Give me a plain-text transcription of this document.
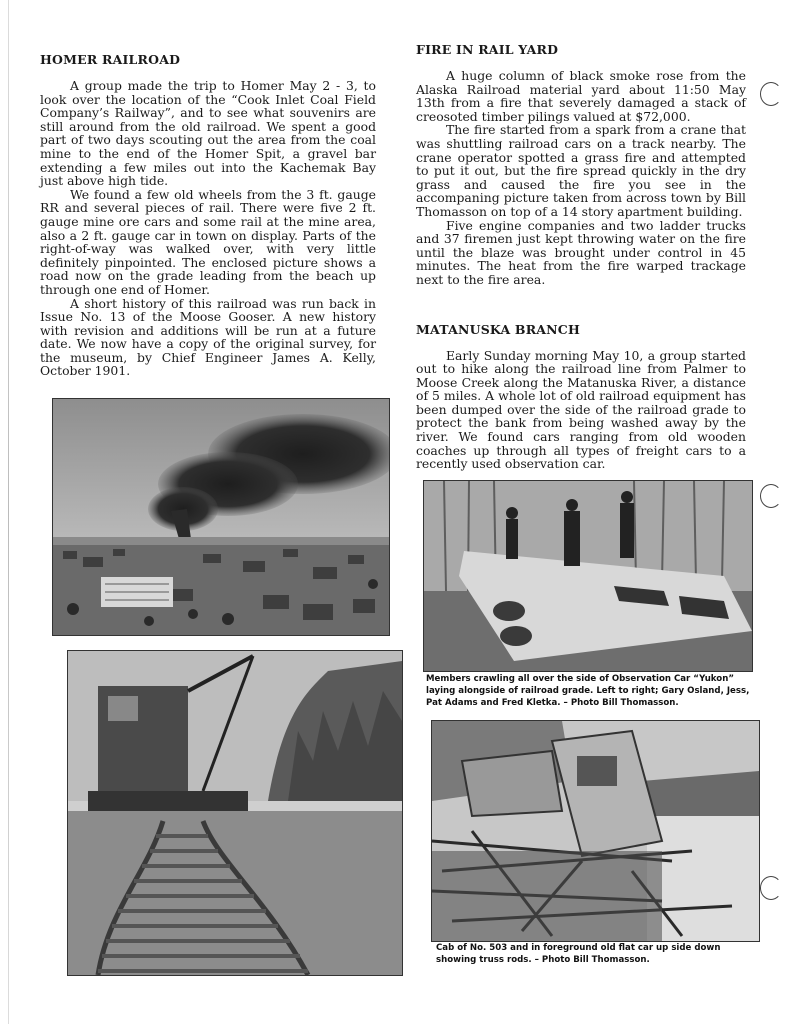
HOMER RAILROAD

A group made the trip to Homer May 2 - 3, to look over the location of the “Cook Inlet Coal Field Company’s Railway”, and to see what souvenirs are still around from the old railroad. We spent a good part of two days scouting out the area from the coal mine to the end of the Homer Spit, a gravel bar extending a few miles out into the Kachemak Bay just above high tide.

We found a few old wheels from the 3 ft. gauge RR and several pieces of rail. There were five 2 ft. gauge mine ore cars and some rail at the mine area, also a 2 ft. gauge car in town on display. Parts of the right-of-way was walked over, with very little definitely pinpointed. The enclosed picture shows a road now on the grade leading from the beach up through one end of Homer.

A short history of this railroad was run back in Issue No. 13 of the Moose Gooser. A new history with revision and additions will be run at a future date. We now have a copy of the original survey, for the museum, by Chief Engineer James A. Kelly, October 1901.

FIRE IN RAIL YARD

A huge column of black smoke rose from the Alaska Railroad material yard about 11:50 May 13th from a fire that severely damaged a stack of creosoted timber pilings valued at $72,000.

The fire started from a spark from a crane that was shuttling railroad cars on a track nearby. The crane operator spotted a grass fire and attempted to put it out, but the fire spread quickly in the dry grass and caused the fire you see in the accompaning picture taken from across town by Bill Thomasson on top of a 14 story apartment building.

Five engine companies and two ladder trucks and 37 firemen just kept throwing water on the fire until the blaze was brought under control in 45 minutes. The heat from the fire warped trackage next to the fire area.

MATANUSKA BRANCH

Early Sunday morning May 10, a group started out to hike along the railroad line from Palmer to Moose Creek along the Matanuska River, a distance of 5 miles. A whole lot of old railroad equipment has been dumped over the side of the railroad grade to protect the bank from being washed away by the river. We found cars ranging from old wooden coaches up through all types of freight cars to a recently used observation car.

Members crawling all over the side of Observation Car “Yukon” laying alongside of railroad grade. Left to right; Gary Osland, Jess, Pat Adams and Fred Kletka. – Photo Bill Thomasson.
Cab of No. 503 and in foreground old flat car up side down showing truss rods. – Photo Bill Thomasson.
